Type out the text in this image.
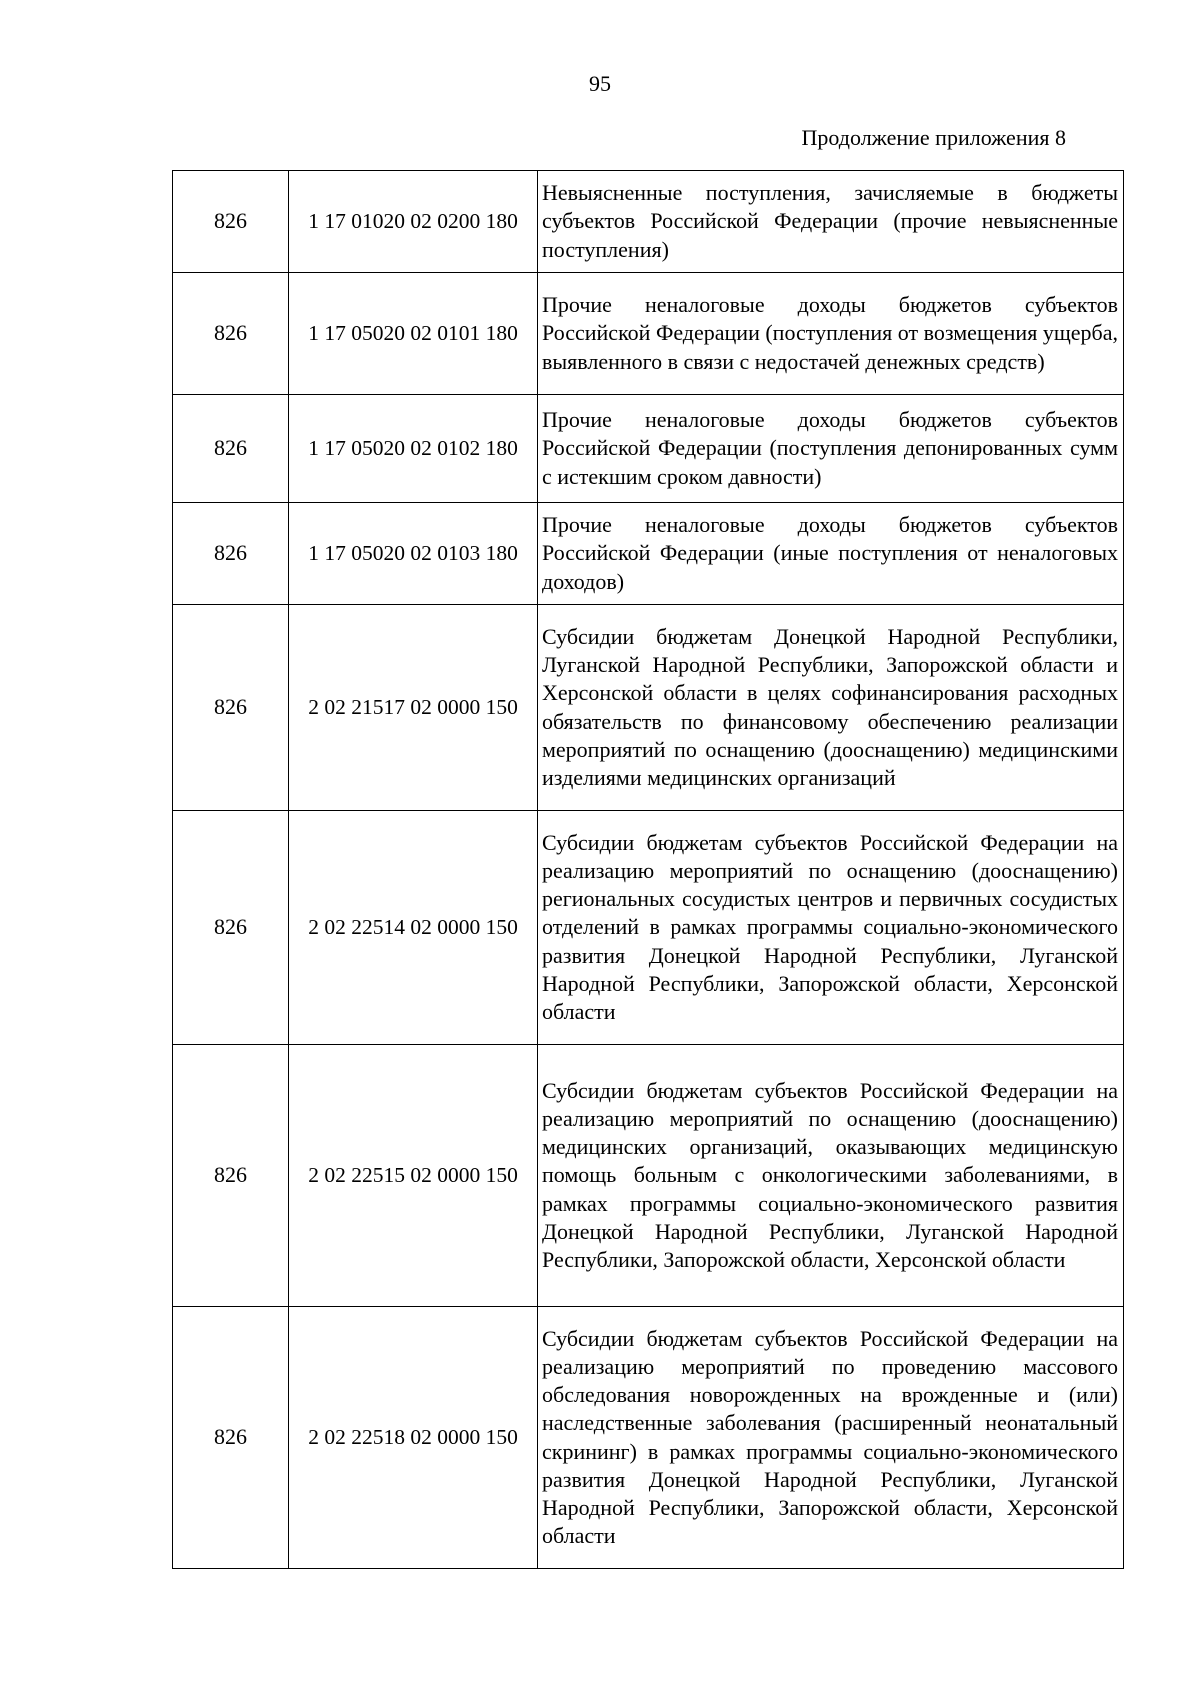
95
Продолжение приложения 8
826	1 17 01020 02 0200 180	Невыясненные поступления, зачисляемые в бюджеты субъектов Российской Федерации (прочие невыясненные поступления)
826	1 17 05020 02 0101 180	Прочие неналоговые доходы бюджетов субъектов Российской Федерации (поступления от возмещения ущерба, выявленного в связи с недостачей денежных средств)
826	1 17 05020 02 0102 180	Прочие неналоговые доходы бюджетов субъектов Российской Федерации (поступления депонированных сумм с истекшим сроком давности)
826	1 17 05020 02 0103 180	Прочие неналоговые доходы бюджетов субъектов Российской Федерации (иные поступления от неналоговых доходов)
826	2 02 21517 02 0000 150	Субсидии бюджетам Донецкой Народной Республики, Луганской Народной Республики, Запорожской области и Херсонской области в целях софинансирования расходных обязательств по финансовому обеспечению реализации мероприятий по оснащению (дооснащению) медицинскими изделиями медицинских организаций
826	2 02 22514 02 0000 150	Субсидии бюджетам субъектов Российской Федерации на реализацию мероприятий по оснащению (дооснащению) региональных сосудистых центров и первичных сосудистых отделений в рамках программы социально-экономического развития Донецкой Народной Республики, Луганской Народной Республики, Запорожской области, Херсонской области
826	2 02 22515 02 0000 150	Субсидии бюджетам субъектов Российской Федерации на реализацию мероприятий по оснащению (дооснащению) медицинских организаций, оказывающих медицинскую помощь больным с онкологическими заболеваниями, в рамках программы социально-экономического развития Донецкой Народной Республики, Луганской Народной Республики, Запорожской области, Херсонской области
826	2 02 22518 02 0000 150	Субсидии бюджетам субъектов Российской Федерации на реализацию мероприятий по проведению массового обследования новорожденных на врожденные и (или) наследственные заболевания (расширенный неонатальный скрининг) в рамках программы социально-экономического развития Донецкой Народной Республики, Луганской Народной Республики, Запорожской области, Херсонской области
